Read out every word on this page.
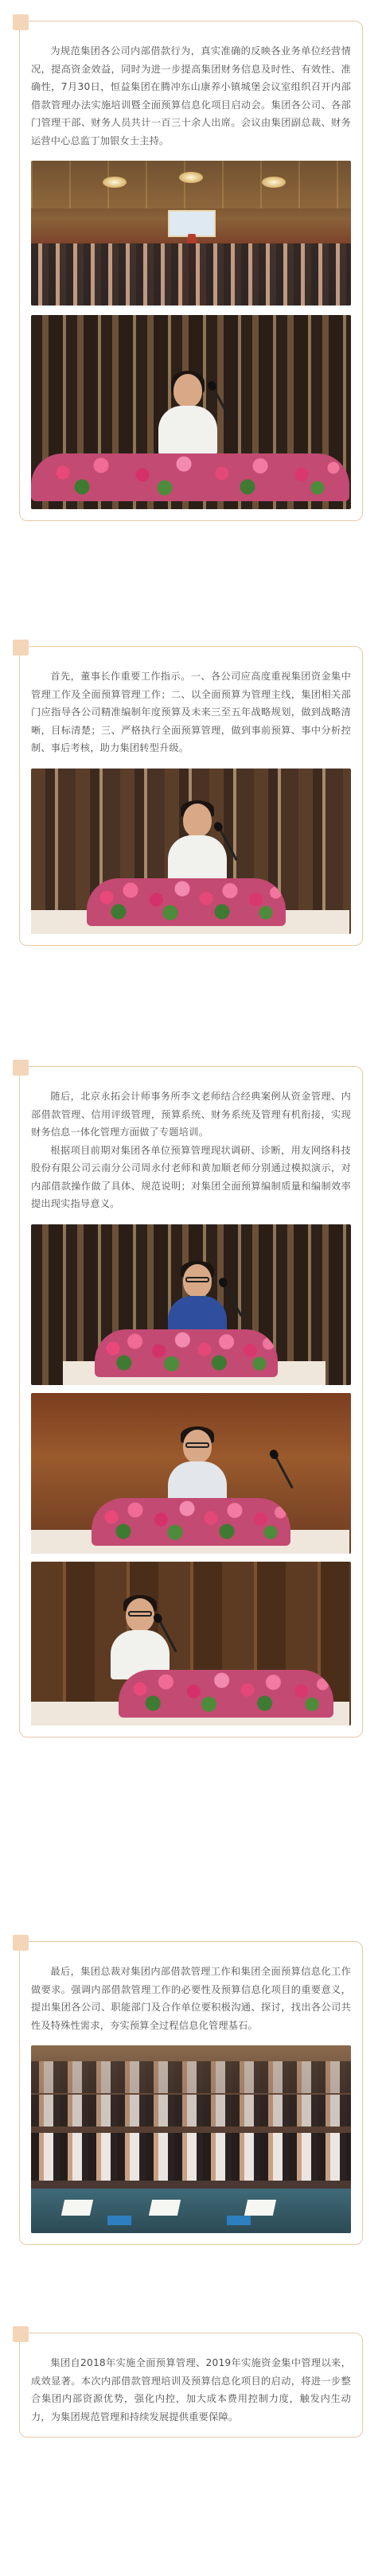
为规范集团各公司内部借款行为，真实准确的反映各业务单位经营情况，提高资金效益，同时为进一步提高集团财务信息及时性、有效性、准确性，7月30日，恒益集团在腾冲东山康养小镇城堡会议室组织召开内部借款管理办法实施培训暨全面预算信息化项目启动会。集团各公司、各部门管理干部、财务人员共计一百三十余人出席。会议由集团副总裁、财务运营中心总监丁加银女士主持。

首先，董事长作重要工作指示。一、各公司应高度重视集团资金集中管理工作及全面预算管理工作；二、以全面预算为管理主线，集团相关部门应指导各公司精准编制年度预算及未来三至五年战略规划，做到战略清晰，目标清楚；三、严格执行全面预算管理，做到事前预算、事中分析控制、事后考核，助力集团转型升级。

随后，北京永拓会计师事务所李文老师结合经典案例从资金管理、内部借款管理、信用评级管理，预算系统、财务系统及管理有机衔接，实现财务信息一体化管理方面做了专题培训。

根据项目前期对集团各单位预算管理现状调研、诊断，用友网络科技股份有限公司云南分公司周永付老师和黄加顺老师分别通过模拟演示，对内部借款操作做了具体、规范说明；对集团全面预算编制质量和编制效率提出现实指导意义。

最后，集团总裁对集团内部借款管理工作和集团全面预算信息化工作做要求。强调内部借款管理工作的必要性及预算信息化项目的重要意义，提出集团各公司、职能部门及合作单位要积极沟通、探讨，找出各公司共性及特殊性需求，夯实预算全过程信息化管理基石。

集团自2018年实施全面预算管理、2019年实施资金集中管理以来，成效显著。本次内部借款管理培训及预算信息化项目的启动，将进一步整合集团内部资源优势，强化内控，加大成本费用控制力度，触发内生动力，为集团规范管理和持续发展提供重要保障。
